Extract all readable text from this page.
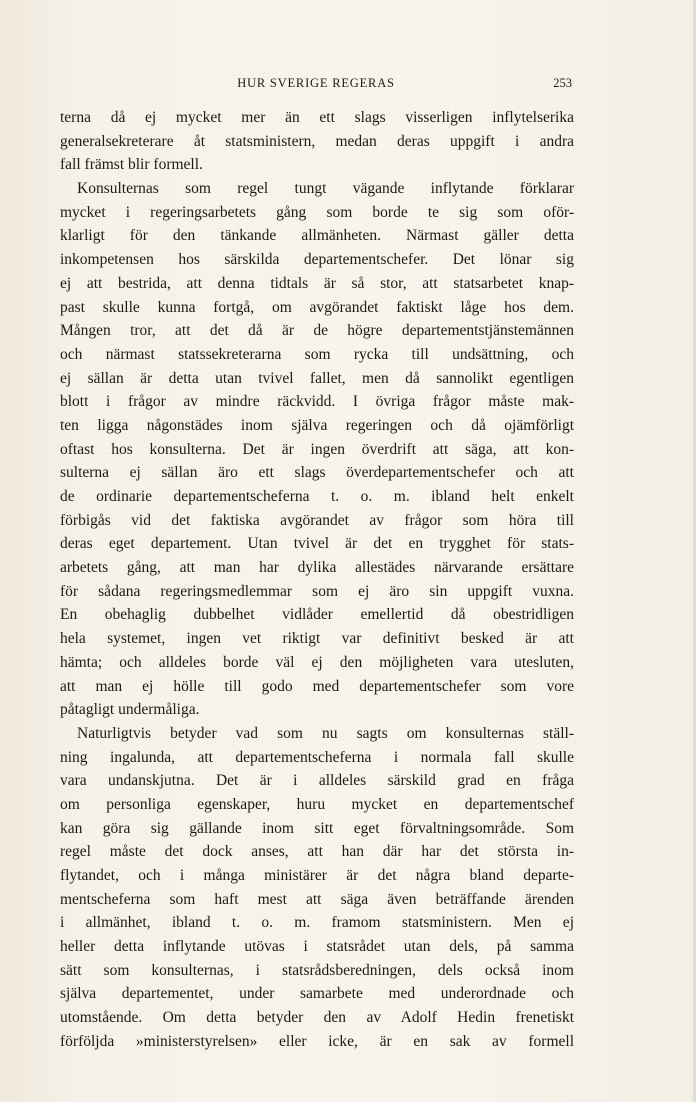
HUR SVERIGE REGERAS	253
terna då ej mycket mer än ett slags visserligen inflytelserika
generalsekreterare åt statsministern, medan deras uppgift i andra
fall främst blir formell.
Konsulternas som regel tungt vägande inflytande förklarar
mycket i regeringsarbetets gång som borde te sig som oför-
klarligt för den tänkande allmänheten. Närmast gäller detta
inkompetensen hos särskilda departementschefer. Det lönar sig
ej att bestrida, att denna tidtals är så stor, att statsarbetet knap-
past skulle kunna fortgå, om avgörandet faktiskt låge hos dem.
Mången tror, att det då är de högre departementstjänstemännen
och närmast statssekreterarna som rycka till undsättning, och
ej sällan är detta utan tvivel fallet, men då sannolikt egentligen
blott i frågor av mindre räckvidd. I övriga frågor måste mak-
ten ligga någonstädes inom själva regeringen och då ojämförligt
oftast hos konsulterna. Det är ingen överdrift att säga, att kon-
sulterna ej sällan äro ett slags överdepartementschefer och att
de ordinarie departementscheferna t. o. m. ibland helt enkelt
förbigås vid det faktiska avgörandet av frågor som höra till
deras eget departement. Utan tvivel är det en trygghet för stats-
arbetets gång, att man har dylika allestädes närvarande ersättare
för sådana regeringsmedlemmar som ej äro sin uppgift vuxna.
En obehaglig dubbelhet vidlåder emellertid då obestridligen
hela systemet, ingen vet riktigt var definitivt besked är att
hämta; och alldeles borde väl ej den möjligheten vara utesluten,
att man ej hölle till godo med departementschefer som vore
påtagligt undermåliga.
Naturligtvis betyder vad som nu sagts om konsulternas ställ-
ning ingalunda, att departementscheferna i normala fall skulle
vara undanskjutna. Det är i alldeles särskild grad en fråga
om personliga egenskaper, huru mycket en departementschef
kan göra sig gällande inom sitt eget förvaltningsområde. Som
regel måste det dock anses, att han där har det största in-
flytandet, och i många ministärer är det några bland departe-
mentscheferna som haft mest att säga även beträffande ärenden
i allmänhet, ibland t. o. m. framom statsministern. Men ej
heller detta inflytande utövas i statsrådet utan dels, på samma
sätt som konsulternas, i statsrådsberedningen, dels också inom
själva departementet, under samarbete med underordnade och
utomstående. Om detta betyder den av Adolf Hedin frenetiskt
förföljda »ministerstyrelsen» eller icke, är en sak av formell
